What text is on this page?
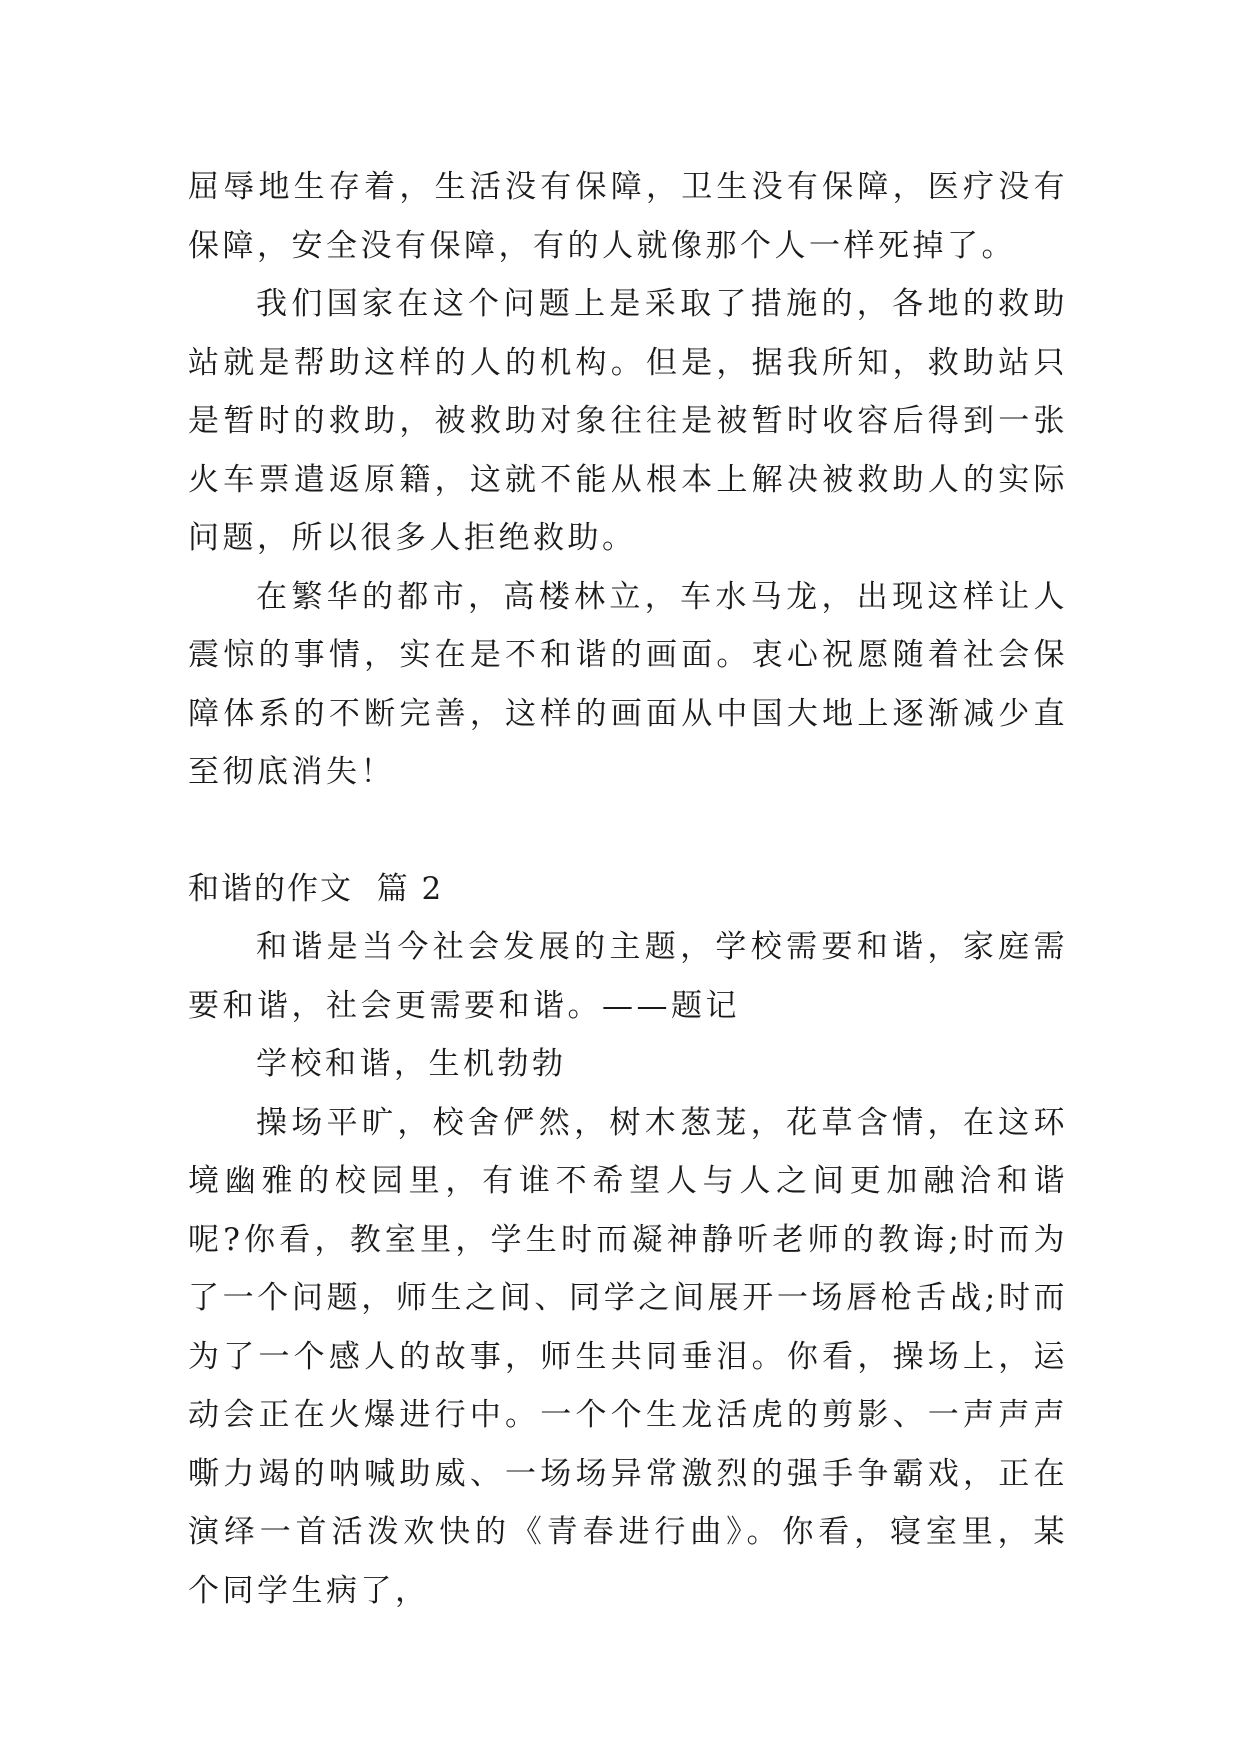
屈辱地生存着，生活没有保障，卫生没有保障，医疗没有保障，安全没有保障，有的人就像那个人一样死掉了。

我们国家在这个问题上是采取了措施的，各地的救助站就是帮助这样的人的机构。但是，据我所知，救助站只是暂时的救助，被救助对象往往是被暂时收容后得到一张火车票遣返原籍，这就不能从根本上解决被救助人的实际问题，所以很多人拒绝救助。

在繁华的都市，高楼林立，车水马龙，出现这样让人震惊的事情，实在是不和谐的画面。衷心祝愿随着社会保障体系的不断完善，这样的画面从中国大地上逐渐减少直至彻底消失！

和谐的作文  篇 2

和谐是当今社会发展的主题，学校需要和谐，家庭需要和谐，社会更需要和谐。——题记

学校和谐，生机勃勃

操场平旷，校舍俨然，树木葱茏，花草含情，在这环境幽雅的校园里，有谁不希望人与人之间更加融洽和谐呢?你看，教室里，学生时而凝神静听老师的教诲;时而为了一个问题，师生之间、同学之间展开一场唇枪舌战;时而为了一个感人的故事，师生共同垂泪。你看，操场上，运动会正在火爆进行中。一个个生龙活虎的剪影、一声声声嘶力竭的呐喊助威、一场场异常激烈的强手争霸戏，正在演绎一首活泼欢快的《青春进行曲》。你看，寝室里，某个同学生病了，
